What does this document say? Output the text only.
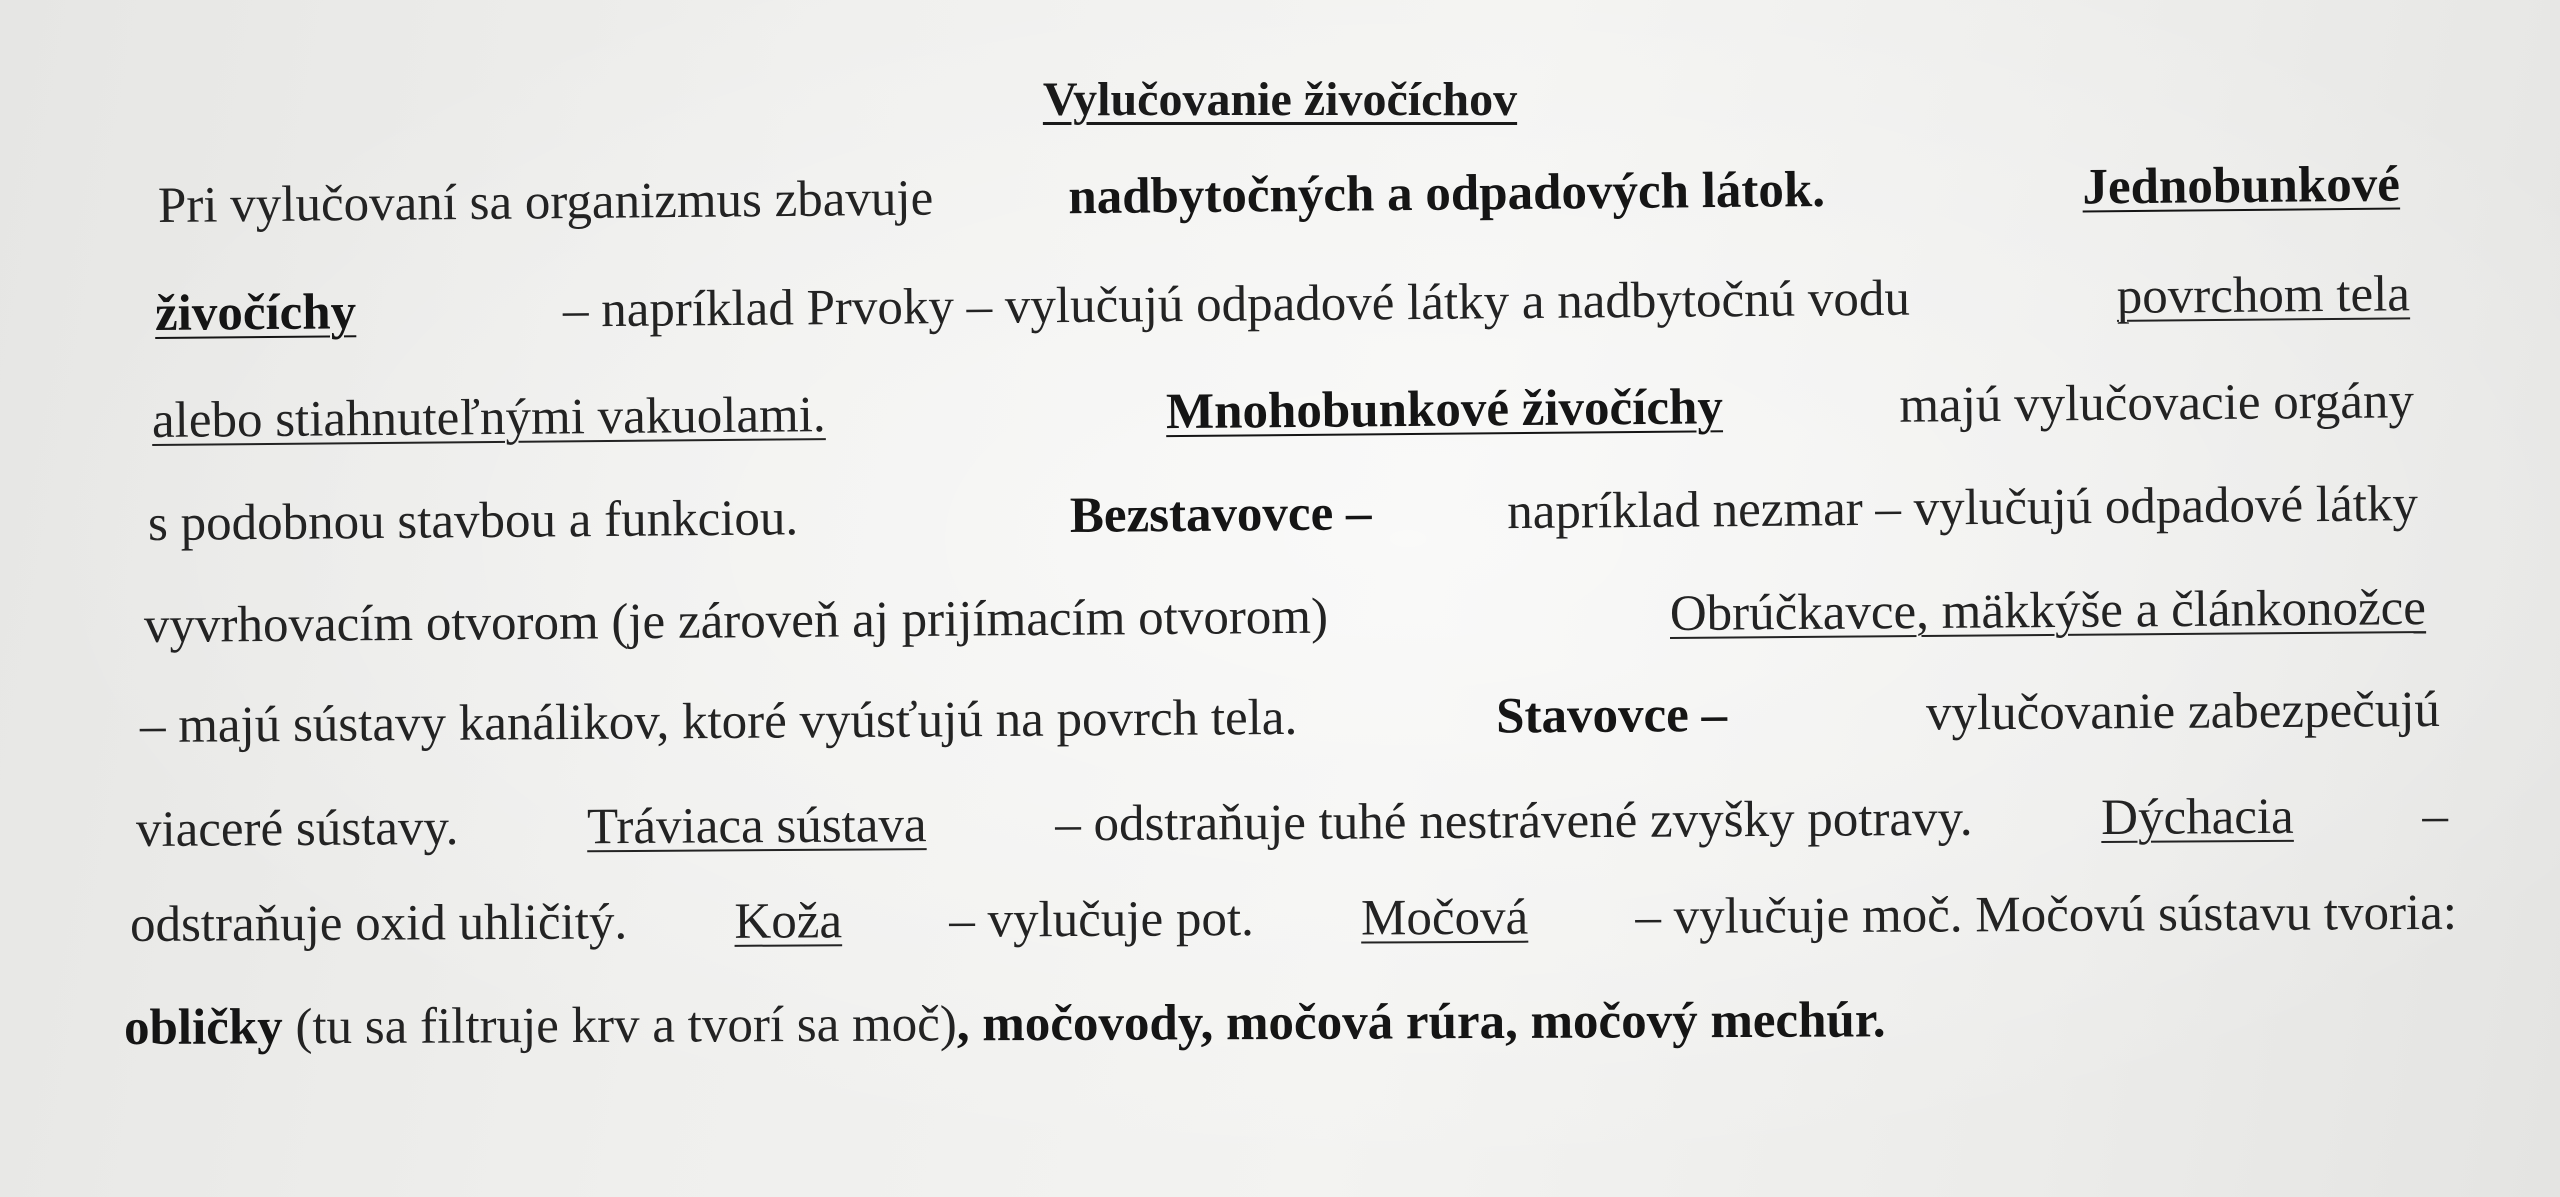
Vylučovanie živočíchov
Pri vylučovaní sa organizmus zbavuje nadbytočných a odpadových látok.
	Jednobunkové
živočíchy	– napríklad Prvoky – vylučujú odpadové látky a nadbytočnú vodu	povrchom tela
alebo stiahnuteľnými vakuolami.
	Mnohobunkové živočíchy	majú vylučovacie orgány
s podobnou stavbou a funkciou.
	Bezstavovce – napríklad nezmar – vylučujú odpadové látky
vyvrhovacím otvorom (je zároveň aj prijímacím otvorom)	Obrúčkavce, mäkkýše a článkonožce
– majú sústavy kanálikov, ktoré vyúsťujú na povrch tela.	Stavovce –	vylučovanie zabezpečujú
viaceré sústavy. Tráviaca sústava – odstraňuje tuhé nestrávené zvyšky potravy. Dýchacia –
odstraňuje oxid uhličitý. Koža – vylučuje pot. Močová – vylučuje moč. Močovú sústavu tvoria:
obličky (tu sa filtruje krv a tvorí sa moč), močovody, močová rúra, močový mechúr.
